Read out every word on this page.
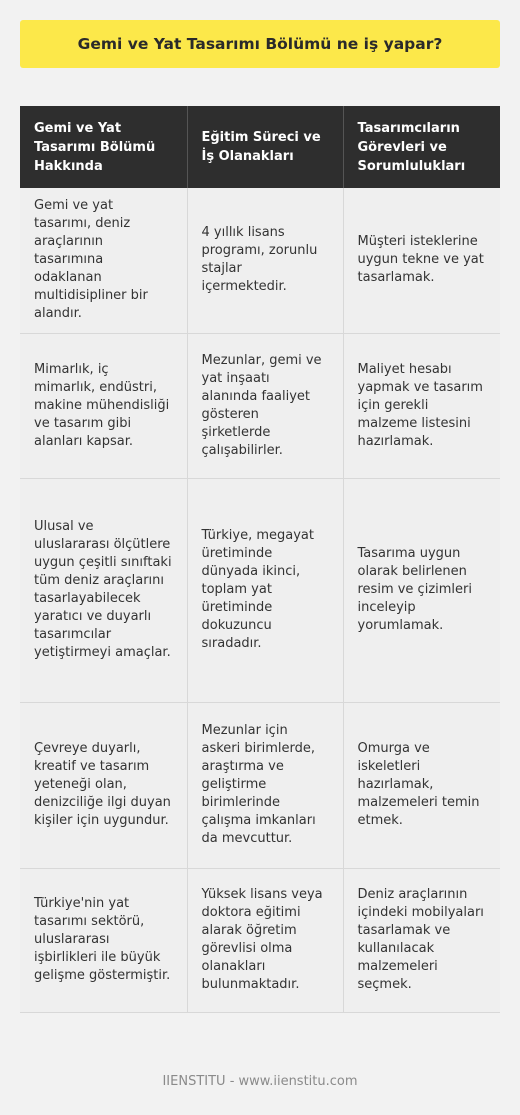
Gemi ve Yat Tasarımı Bölümü ne iş yapar?
Gemi ve Yat Tasarımı Bölümü Hakkında	Eğitim Süreci ve İş Olanakları	Tasarımcıların Görevleri ve Sorumlulukları
Gemi ve yat tasarımı, deniz araçlarının tasarımına odaklanan multidisipliner bir alandır.	4 yıllık lisans programı, zorunlu stajlar içermektedir.	Müşteri isteklerine uygun tekne ve yat tasarlamak.
Mimarlık, iç mimarlık, endüstri, makine mühendisliği ve tasarım gibi alanları kapsar.	Mezunlar, gemi ve yat inşaatı alanında faaliyet gösteren şirketlerde çalışabilirler.	Maliyet hesabı yapmak ve tasarım için gerekli malzeme listesini hazırlamak.
Ulusal ve uluslararası ölçütlere uygun çeşitli sınıftaki tüm deniz araçlarını tasarlayabilecek yaratıcı ve duyarlı tasarımcılar yetiştirmeyi amaçlar.	Türkiye, megayat üretiminde dünyada ikinci, toplam yat üretiminde dokuzuncu sıradadır.	Tasarıma uygun olarak belirlenen resim ve çizimleri inceleyip yorumlamak.
Çevreye duyarlı, kreatif ve tasarım yeteneği olan, denizciliğe ilgi duyan kişiler için uygundur.	Mezunlar için askeri birimlerde, araştırma ve geliştirme birimlerinde çalışma imkanları da mevcuttur.	Omurga ve iskeletleri hazırlamak, malzemeleri temin etmek.
Türkiye'nin yat tasarımı sektörü, uluslararası işbirlikleri ile büyük gelişme göstermiştir.	Yüksek lisans veya doktora eğitimi alarak öğretim görevlisi olma olanakları bulunmaktadır.	Deniz araçlarının içindeki mobilyaları tasarlamak ve kullanılacak malzemeleri seçmek.
IIENSTITU - www.iienstitu.com
